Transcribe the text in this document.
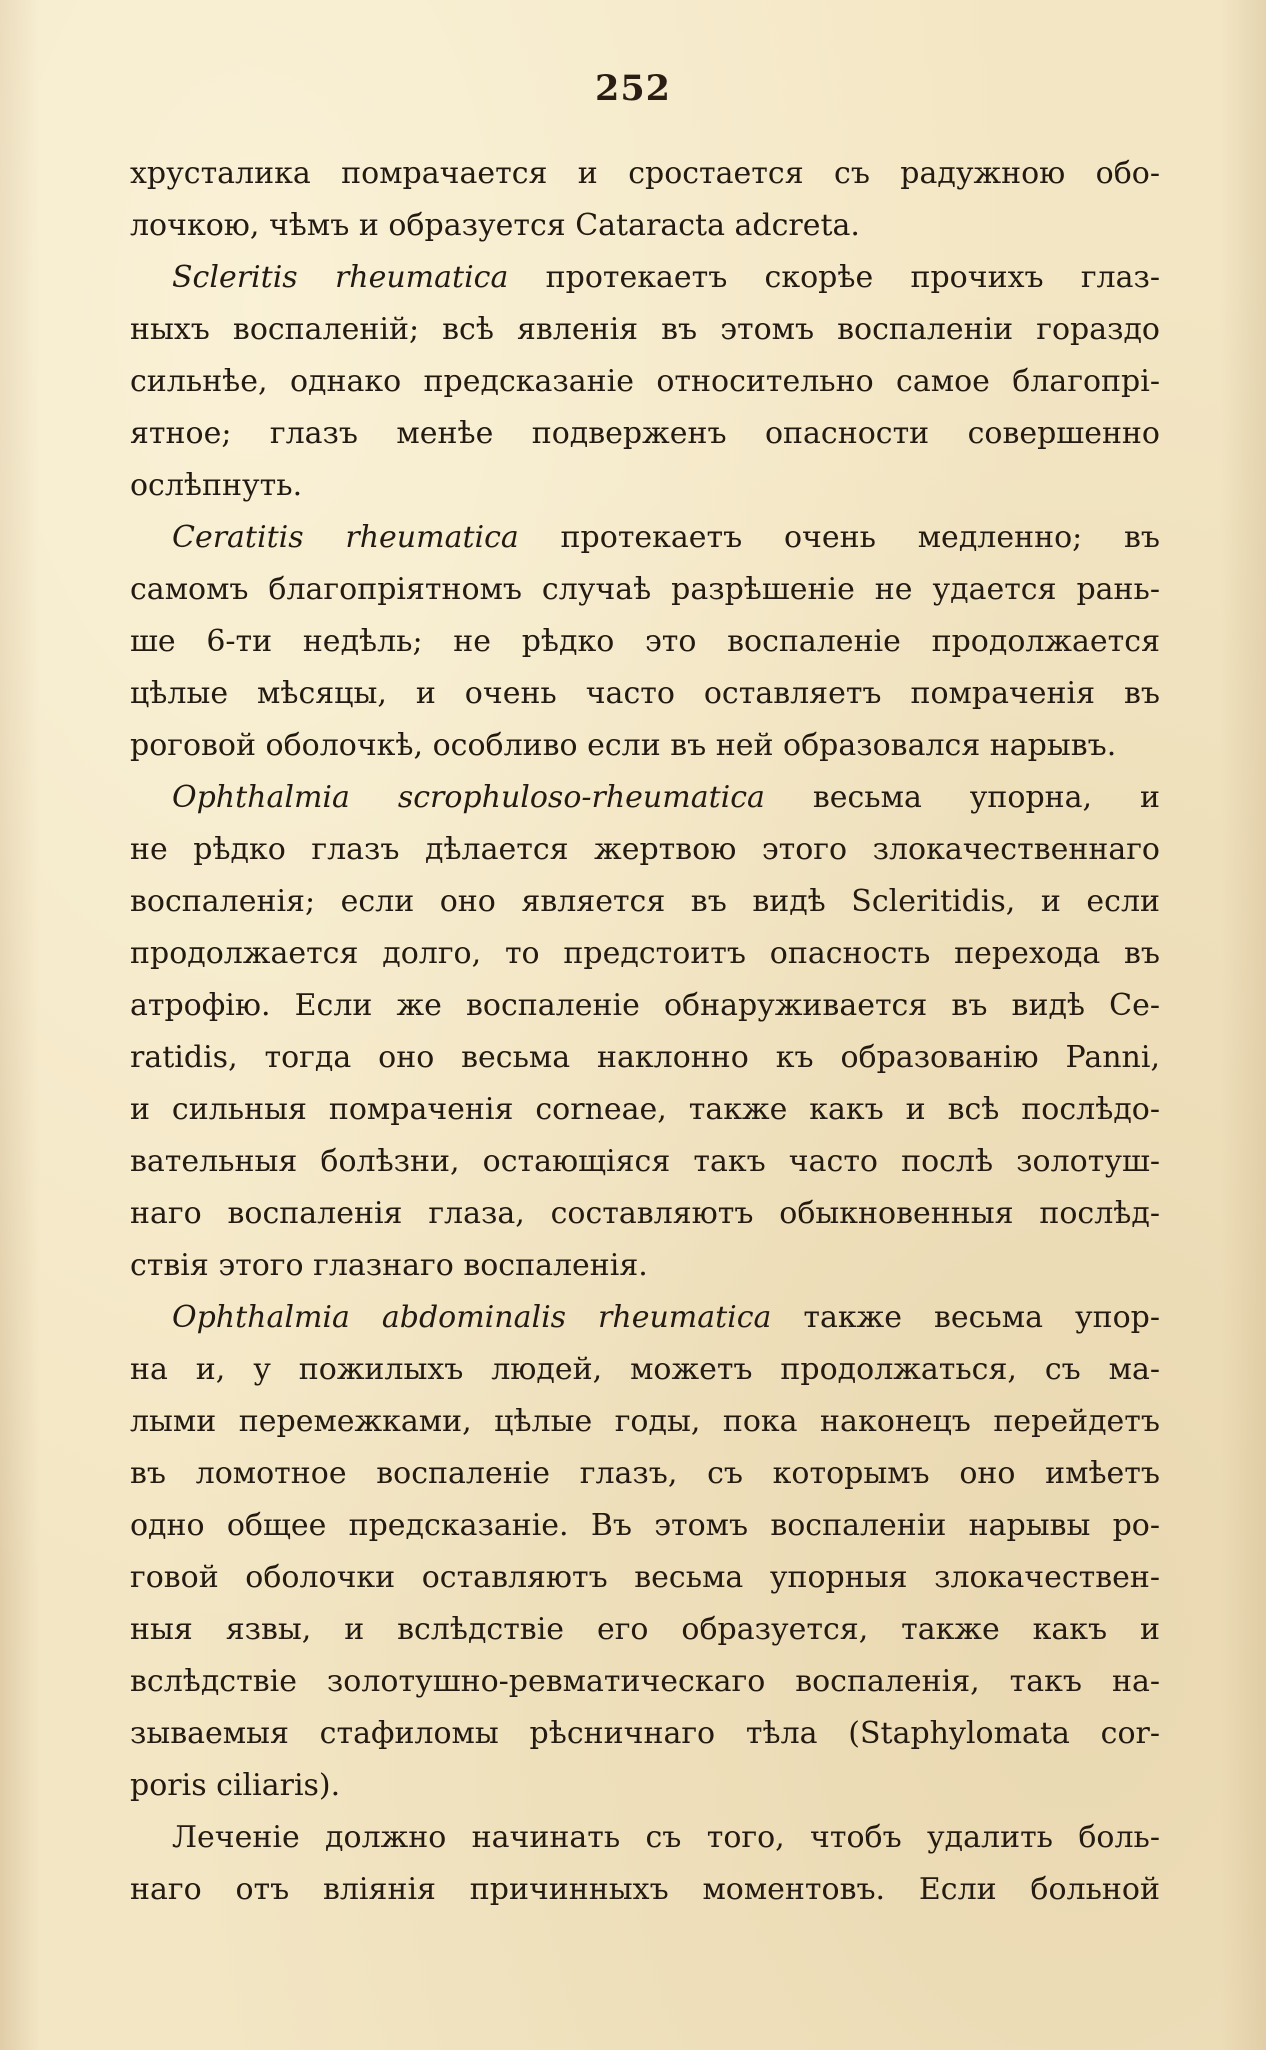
252
хрусталика помрачается и сростается съ радужною обо-
лочкою, чѣмъ и образуется Cataracta adcreta.
Scleritis rheumatica протекаетъ скорѣе прочихъ глаз-
ныхъ воспаленій; всѣ явленія въ этомъ воспаленіи гораздо
сильнѣе, однако предсказаніе относительно самое благопрі-
ятное; глазъ менѣе подверженъ опасности совершенно
ослѣпнуть.
Ceratitis rheumatica протекаетъ очень медленно; въ
самомъ благопріятномъ случаѣ разрѣшеніе не удается рань-
ше 6-ти недѣль; не рѣдко это воспаленіе продолжается
цѣлые мѣсяцы, и очень часто оставляетъ помраченія въ
роговой оболочкѣ, особливо если въ ней образовался нарывъ.
Ophthalmia scrophuloso-rheumatica весьма упорна, и
не рѣдко глазъ дѣлается жертвою этого злокачественнаго
воспаленія; если оно является въ видѣ Scleritidis, и если
продолжается долго, то предстоитъ опасность перехода въ
атрофію. Если же воспаленіе обнаруживается въ видѣ Ce-
ratidis, тогда оно весьма наклонно къ образованію Panni,
и сильныя помраченія corneae, также какъ и всѣ послѣдо-
вательныя болѣзни, остающіяся такъ часто послѣ золотуш-
наго воспаленія глаза, составляютъ обыкновенныя послѣд-
ствія этого глазнаго воспаленія.
Ophthalmia abdominalis rheumatica также весьма упор-
на и, у пожилыхъ людей, можетъ продолжаться, съ ма-
лыми перемежками, цѣлые годы, пока наконецъ перейдетъ
въ ломотное воспаленіе глазъ, съ которымъ оно имѣетъ
одно общее предсказаніе. Въ этомъ воспаленіи нарывы ро-
говой оболочки оставляютъ весьма упорныя злокачествен-
ныя язвы, и вслѣдствіе его образуется, также какъ и
вслѣдствіе золотушно-ревматическаго воспаленія, такъ на-
зываемыя стафиломы рѣсничнаго тѣла (Staphylomata cor-
poris ciliaris).
Леченіе должно начинать съ того, чтобъ удалить боль-
наго отъ вліянія причинныхъ моментовъ. Если больной
